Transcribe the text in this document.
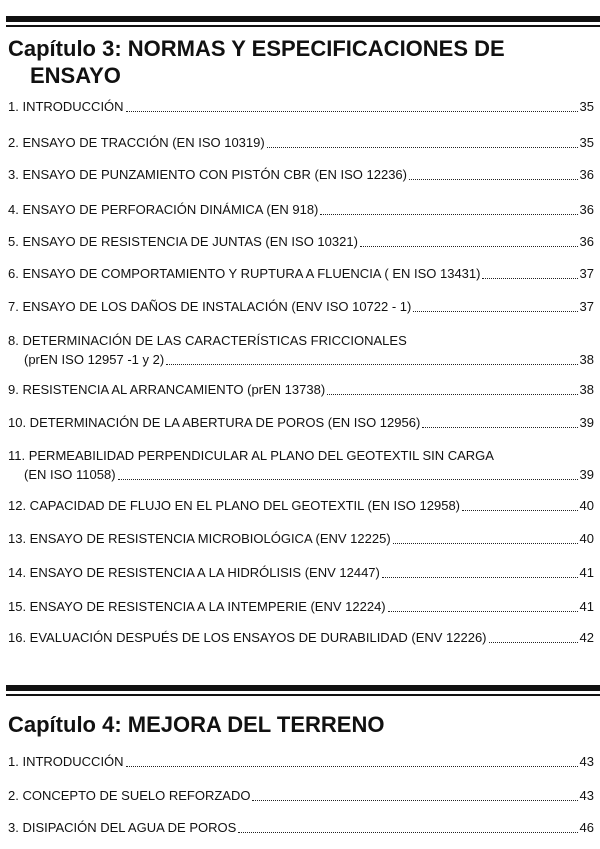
Capítulo 3: NORMAS Y ESPECIFICACIONES DE
ENSAYO
1. INTRODUCCIÓN	35
2. ENSAYO DE TRACCIÓN (EN ISO 10319)	35
3. ENSAYO DE PUNZAMIENTO CON PISTÓN CBR (EN ISO 12236)	36
4. ENSAYO DE PERFORACIÓN DINÁMICA (EN 918)	36
5. ENSAYO DE RESISTENCIA DE JUNTAS (EN ISO 10321)	36
6. ENSAYO DE COMPORTAMIENTO Y RUPTURA A FLUENCIA ( EN ISO 13431)	37
7. ENSAYO DE LOS DAÑOS DE INSTALACIÓN (ENV ISO 10722 - 1)	37
8. DETERMINACIÓN DE LAS CARACTERÍSTICAS FRICCIONALES
(prEN ISO 12957 -1 y 2)	38
9. RESISTENCIA AL ARRANCAMIENTO (prEN 13738)	38
10. DETERMINACIÓN DE LA ABERTURA DE POROS (EN ISO 12956)	39
11. PERMEABILIDAD PERPENDICULAR AL PLANO DEL GEOTEXTIL SIN CARGA
(EN ISO 11058)	39
12. CAPACIDAD DE FLUJO EN EL PLANO DEL GEOTEXTIL (EN ISO 12958)	40
13. ENSAYO DE RESISTENCIA MICROBIOLÓGICA (ENV 12225)	40
14. ENSAYO DE RESISTENCIA A LA HIDRÓLISIS (ENV 12447)	41
15. ENSAYO DE RESISTENCIA A LA INTEMPERIE (ENV 12224)	41
16. EVALUACIÓN DESPUÉS DE LOS ENSAYOS DE DURABILIDAD (ENV 12226)	42
Capítulo 4: MEJORA DEL TERRENO
1. INTRODUCCIÓN	43
2. CONCEPTO DE SUELO REFORZADO	43
3. DISIPACIÓN DEL AGUA DE POROS	46
